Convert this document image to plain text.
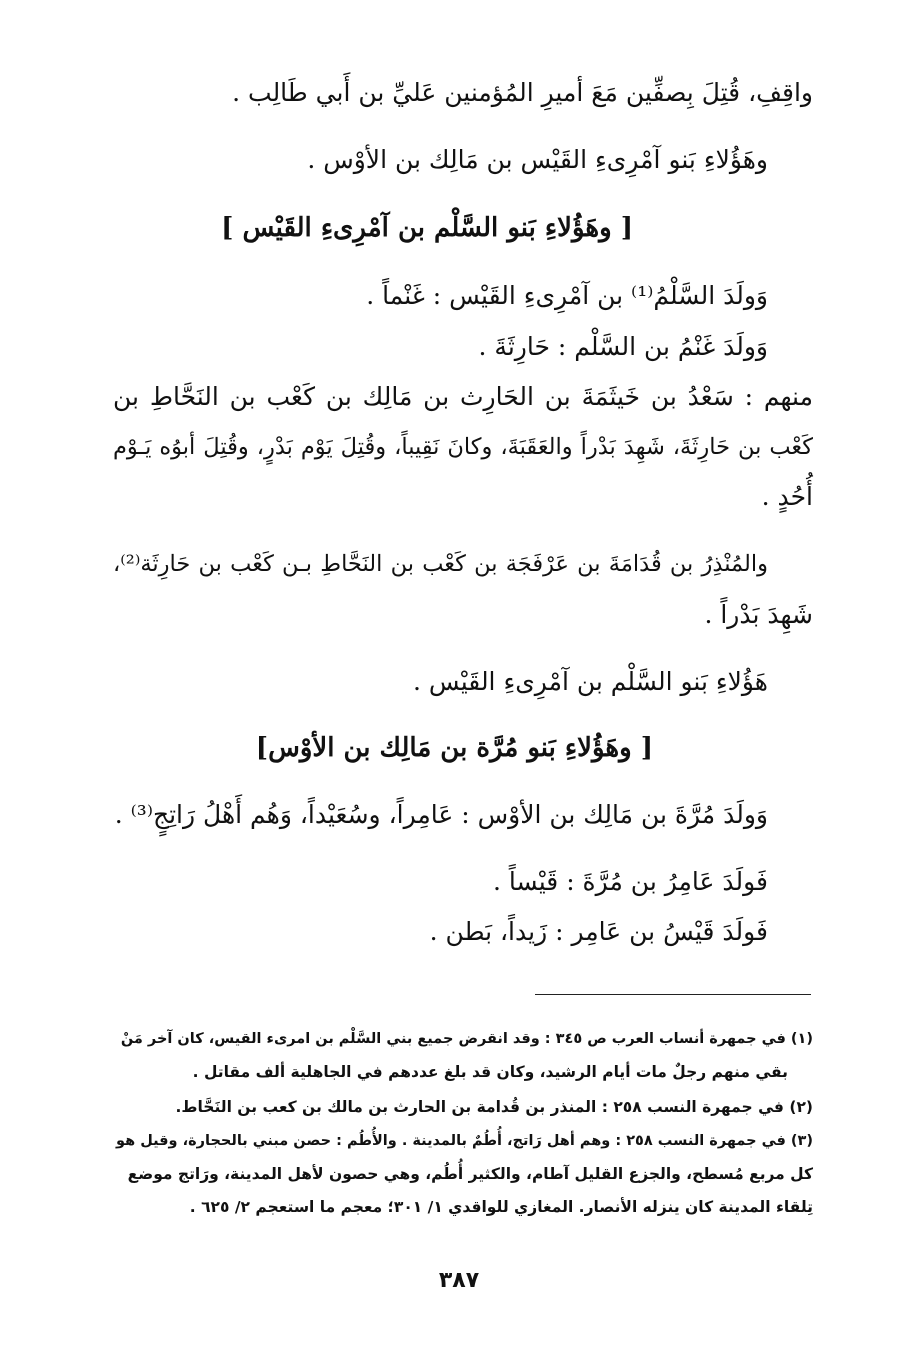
واقِفِ، قُتِلَ بِصفِّين مَعَ أميرِ المُؤمنين عَليِّ بن أَبي طَالِب .
وهَؤُلاءِ بَنو آمْرِىءِ القَيْس بن مَالِك بن الأوْس .
[ وهَؤُلاءِ بَنو السَّلْم بن آمْرِىءِ القَيْس ]
وَولَدَ السَّلْمُ⁽¹⁾ بن آمْرِىءِ القَيْس : غَنْماً .
وَولَدَ غَنْمُ بن السَّلْم : حَارِثَةَ .
منهم : سَعْدُ بن خَيثَمَةَ بن الحَارِث بن مَالِك بن كَعْب بن النَحَّاطِ بن
كَعْب بن حَارِثَةَ، شَهِدَ بَدْراً والعَقَبَةَ، وكانَ نَقِيباً، وقُتِلَ يَوْم بَدْرٍ، وقُتِلَ أبوُه يَـوْم
أُحُدٍ .
والمُنْذِرُ بن قُدَامَةَ بن عَرْفَجَة بن كَعْب بن النَحَّاطِ بـن كَعْب بن حَارِثَة⁽²⁾،
شَهِدَ بَدْراً .
هَؤُلاءِ بَنو السَّلْم بن آمْرِىءِ القَيْس .
[ وهَؤُلاءِ بَنو مُرَّة بن مَالِك بن الأوْس]
وَولَدَ مُرَّةَ بن مَالِك بن الأوْس : عَامِراً، وسُعَيْداً، وَهُم أَهْلُ رَاتِجٍ⁽³⁾ .
فَولَدَ عَامِرُ بن مُرَّةَ : قَيْساً .
فَولَدَ قَيْسُ بن عَامِر : زَيداً، بَطن .
(١) في جمهرة أنساب العرب ص ٣٤٥ : وقد انقرض جميع بني السَّلْم بن امرىء القيس، كان آخر مَنْ
بقي منهم رجلٌ مات أيام الرشيد، وكان قد بلغ عددهم في الجاهلية ألف مقاتل .
(٢) في جمهرة النسب ٢٥٨ : المنذر بن قُدامة بن الحارث بن مالك بن كعب بن النَحَّاط.
(٣) في جمهرة النسب ٢٥٨ : وهم أهل رَاتج، أُطُمٌ بالمدينة . والأُطُم : حصن مبني بالحجارة، وقيل هو
كل مربع مُسطح، والجزع القليل آطام، والكثير أُطُم، وهي حصون لأهل المدينة، ورَاتج موضع
تِلقاء المدينة كان ينزله الأنصار. المغازي للواقدي ١/ ٣٠١؛ معجم ما استعجم ٢/ ٦٢٥ .
٣٨٧
